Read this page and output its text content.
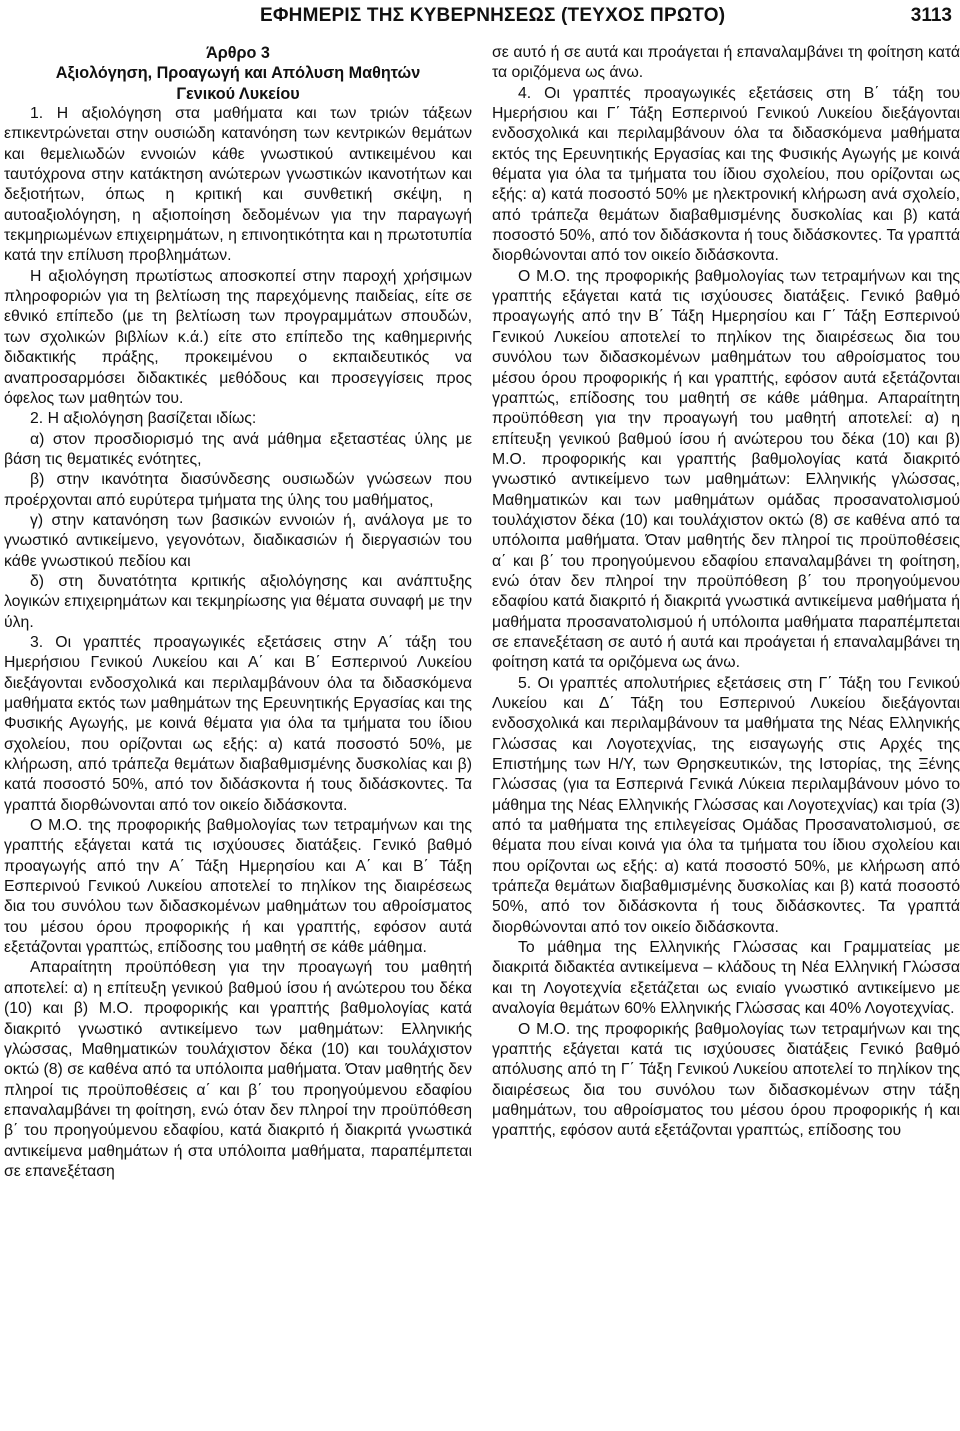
ΕΦΗΜΕΡΙΣ ΤΗΣ ΚΥΒΕΡΝΗΣΕΩΣ (ΤΕΥΧΟΣ ΠΡΩΤΟ)	3113

Άρθρο 3

Αξιολόγηση, Προαγωγή και Απόλυση Μαθητών

Γενικού Λυκείου

1. Η αξιολόγηση στα μαθήματα και των τριών τάξεων επικεντρώνεται στην ουσιώδη κατανόηση των κεντρικών θεμάτων και θεμελιωδών εννοιών κάθε γνωστικού αντικειμένου και ταυτόχρονα στην κατάκτηση ανώτερων γνωστικών ικανοτήτων και δεξιοτήτων, όπως η κριτική και συνθετική σκέψη, η αυτοαξιολόγηση, η αξιοποίηση δεδομένων για την παραγωγή τεκμηριωμένων επιχειρημάτων, η επινοητικότητα και η πρωτοτυπία κατά την επίλυση προβλημάτων.

Η αξιολόγηση πρωτίστως αποσκοπεί στην παροχή χρήσιμων πληροφοριών για τη βελτίωση της παρεχόμενης παιδείας, είτε σε εθνικό επίπεδο (με τη βελτίωση των προγραμμάτων σπουδών, των σχολικών βιβλίων κ.ά.) είτε στο επίπεδο της καθημερινής διδακτικής πράξης, προκειμένου ο εκπαιδευτικός να αναπροσαρμόσει διδακτικές μεθόδους και προσεγγίσεις προς όφελος των μαθητών του.

2. Η αξιολόγηση βασίζεται ιδίως:

α) στον προσδιορισμό της ανά μάθημα εξεταστέας ύλης με βάση τις θεματικές ενότητες,

β) στην ικανότητα διασύνδεσης ουσιωδών γνώσεων που προέρχονται από ευρύτερα τμήματα της ύλης του μαθήματος,

γ) στην κατανόηση των βασικών εννοιών ή, ανάλογα με το γνωστικό αντικείμενο, γεγονότων, διαδικασιών ή διεργασιών του κάθε γνωστικού πεδίου και

δ) στη δυνατότητα κριτικής αξιολόγησης και ανάπτυξης λογικών επιχειρημάτων και τεκμηρίωσης για θέματα συναφή με την ύλη.

3. Οι γραπτές προαγωγικές εξετάσεις στην Α΄ τάξη του Ημερήσιου Γενικού Λυκείου και Α΄ και Β΄ Εσπερινού Λυκείου διεξάγονται ενδοσχολικά και περιλαμβάνουν όλα τα διδασκόμενα μαθήματα εκτός των μαθημάτων της Ερευνητικής Εργασίας και της Φυσικής Αγωγής, με κοινά θέματα για όλα τα τμήματα του ίδιου σχολείου, που ορίζονται ως εξής: α) κατά ποσοστό 50%, με κλήρωση, από τράπεζα θεμάτων διαβαθμισμένης δυσκολίας και β) κατά ποσοστό 50%, από τον διδάσκοντα ή τους διδάσκοντες. Τα γραπτά διορθώνονται από τον οικείο διδάσκοντα.

Ο Μ.Ο. της προφορικής βαθμολογίας των τετραμήνων και της γραπτής εξάγεται κατά τις ισχύουσες διατάξεις. Γενικό βαθμό προαγωγής από την Α΄ Τάξη Ημερησίου και Α΄ και Β΄ Τάξη Εσπερινού Γενικού Λυκείου αποτελεί το πηλίκον της διαιρέσεως δια του συνόλου των διδασκομένων μαθημάτων του αθροίσματος του μέσου όρου προφορικής ή και γραπτής, εφόσον αυτά εξετάζονται γραπτώς, επίδοσης του μαθητή σε κάθε μάθημα.

Απαραίτητη προϋπόθεση για την προαγωγή του μαθητή αποτελεί: α) η επίτευξη γενικού βαθμού ίσου ή ανώτερου του δέκα (10) και β) Μ.Ο. προφορικής και γραπτής βαθμολογίας κατά διακριτό γνωστικό αντικείμενο των μαθημάτων: Ελληνικής γλώσσας, Μαθηματικών τουλάχιστον δέκα (10) και τουλάχιστον οκτώ (8) σε καθένα από τα υπόλοιπα μαθήματα. Όταν μαθητής δεν πληροί τις προϋποθέσεις α΄ και β΄ του προηγούμενου εδαφίου επαναλαμβάνει τη φοίτηση, ενώ όταν δεν πληροί την προϋπόθεση β΄ του προηγούμενου εδαφίου, κατά διακριτό ή διακριτά γνωστικά αντικείμενα μαθημάτων ή στα υπόλοιπα μαθήματα, παραπέμπεται σε επανεξέταση

σε αυτό ή σε αυτά και προάγεται ή επαναλαμβάνει τη φοίτηση κατά τα οριζόμενα ως άνω.

4. Οι γραπτές προαγωγικές εξετάσεις στη Β΄ τάξη του Ημερήσιου και Γ΄ Τάξη Εσπερινού Γενικού Λυκείου διεξάγονται ενδοσχολικά και περιλαμβάνουν όλα τα διδασκόμενα μαθήματα εκτός της Ερευνητικής Εργασίας και της Φυσικής Αγωγής με κοινά θέματα για όλα τα τμήματα του ίδιου σχολείου, που ορίζονται ως εξής: α) κατά ποσοστό 50% με ηλεκτρονική κλήρωση ανά σχολείο, από τράπεζα θεμάτων διαβαθμισμένης δυσκολίας και β) κατά ποσοστό 50%, από τον διδάσκοντα ή τους διδάσκοντες. Τα γραπτά διορθώνονται από τον οικείο διδάσκοντα.

Ο Μ.Ο. της προφορικής βαθμολογίας των τετραμήνων και της γραπτής εξάγεται κατά τις ισχύουσες διατάξεις. Γενικό βαθμό προαγωγής από την Β΄ Τάξη Ημερησίου και Γ΄ Τάξη Εσπερινού Γενικού Λυκείου αποτελεί το πηλίκον της διαιρέσεως δια του συνόλου των διδασκομένων μαθημάτων του αθροίσματος του μέσου όρου προφορικής ή και γραπτής, εφόσον αυτά εξετάζονται γραπτώς, επίδοσης του μαθητή σε κάθε μάθημα. Απαραίτητη προϋπόθεση για την προαγωγή του μαθητή αποτελεί: α) η επίτευξη γενικού βαθμού ίσου ή ανώτερου του δέκα (10) και β) Μ.Ο. προφορικής και γραπτής βαθμολογίας κατά διακριτό γνωστικό αντικείμενο των μαθημάτων: Ελληνικής γλώσσας, Μαθηματικών και των μαθημάτων ομάδας προσανατολισμού τουλάχιστον δέκα (10) και τουλάχιστον οκτώ (8) σε καθένα από τα υπόλοιπα μαθήματα. Όταν μαθητής δεν πληροί τις προϋποθέσεις α΄ και β΄ του προηγούμενου εδαφίου επαναλαμβάνει τη φοίτηση, ενώ όταν δεν πληροί την προϋπόθεση β΄ του προηγούμενου εδαφίου κατά διακριτό ή διακριτά γνωστικά αντικείμενα μαθήματα ή μαθήματα προσανατολισμού ή υπόλοιπα μαθήματα παραπέμπεται σε επανεξέταση σε αυτό ή αυτά και προάγεται ή επαναλαμβάνει τη φοίτηση κατά τα οριζόμενα ως άνω.

5. Οι γραπτές απολυτήριες εξετάσεις στη Γ΄ Τάξη του Γενικού Λυκείου και Δ΄ Τάξη του Εσπερινού Λυκείου διεξάγονται ενδοσχολικά και περιλαμβάνουν τα μαθήματα της Νέας Ελληνικής Γλώσσας και Λογοτεχνίας, της εισαγωγής στις Αρχές της Επιστήμης των Η/Υ, των Θρησκευτικών, της Ιστορίας, της Ξένης Γλώσσας (για τα Εσπερινά Γενικά Λύκεια περιλαμβάνουν μόνο το μάθημα της Νέας Ελληνικής Γλώσσας και Λογοτεχνίας) και τρία (3) από τα μαθήματα της επιλεγείσας Ομάδας Προσανατολισμού, σε θέματα που είναι κοινά για όλα τα τμήματα του ίδιου σχολείου και που ορίζονται ως εξής: α) κατά ποσοστό 50%, με κλήρωση από τράπεζα θεμάτων διαβαθμισμένης δυσκολίας και β) κατά ποσοστό 50%, από τον διδάσκοντα ή τους διδάσκοντες. Τα γραπτά διορθώνονται από τον οικείο διδάσκοντα.

Το μάθημα της Ελληνικής Γλώσσας και Γραμματείας με διακριτά διδακτέα αντικείμενα – κλάδους τη Νέα Ελληνική Γλώσσα και τη Λογοτεχνία εξετάζεται ως ενιαίο γνωστικό αντικείμενο με αναλογία θεμάτων 60% Ελληνικής Γλώσσας και 40% Λογοτεχνίας.

Ο Μ.Ο. της προφορικής βαθμολογίας των τετραμήνων και της γραπτής εξάγεται κατά τις ισχύουσες διατάξεις Γενικό βαθμό απόλυσης από τη Γ΄ Τάξη Γενικού Λυκείου αποτελεί το πηλίκον της διαιρέσεως δια του συνόλου των διδασκομένων στην τάξη μαθημάτων, του αθροίσματος του μέσου όρου προφορικής ή και γραπτής, εφόσον αυτά εξετάζονται γραπτώς, επίδοσης του
